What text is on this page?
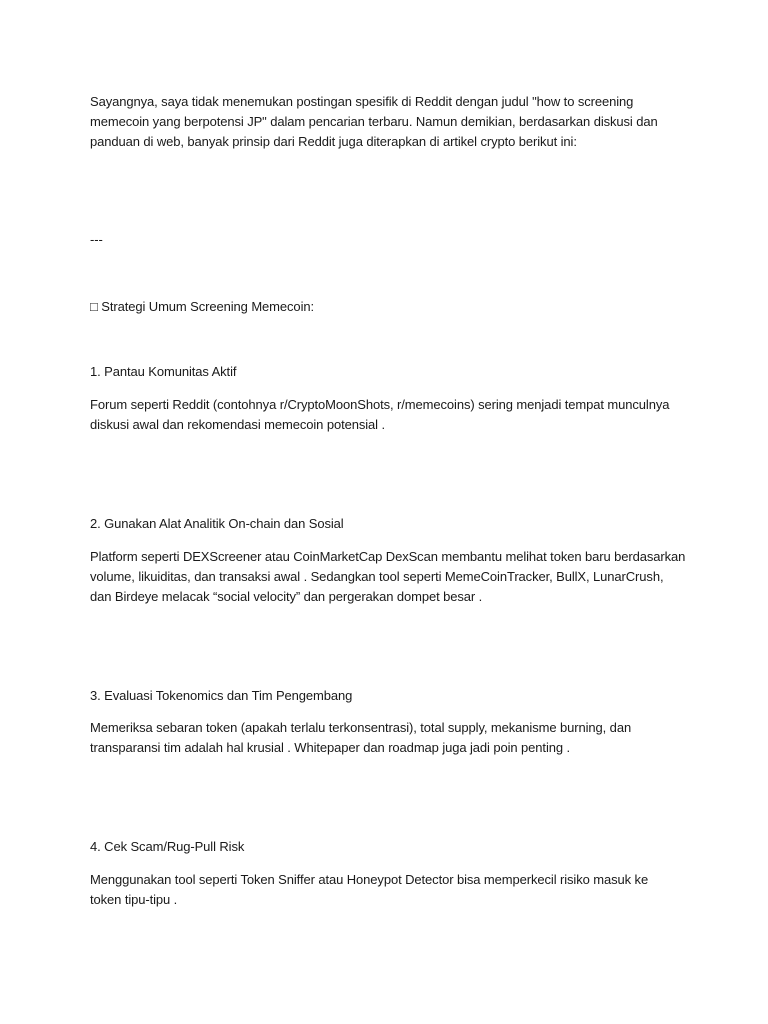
Sayangnya, saya tidak menemukan postingan spesifik di Reddit dengan judul "how to screening
memecoin yang berpotensi JP" dalam pencarian terbaru. Namun demikian, berdasarkan diskusi dan
panduan di web, banyak prinsip dari Reddit juga diterapkan di artikel crypto berikut ini:

---

□ Strategi Umum Screening Memecoin:

1. Pantau Komunitas Aktif

Forum seperti Reddit (contohnya r/CryptoMoonShots, r/memecoins) sering menjadi tempat munculnya
diskusi awal dan rekomendasi memecoin potensial .

2. Gunakan Alat Analitik On-chain dan Sosial

Platform seperti DEXScreener atau CoinMarketCap DexScan membantu melihat token baru berdasarkan
volume, likuiditas, dan transaksi awal . Sedangkan tool seperti MemeCoinTracker, BullX, LunarCrush,
dan Birdeye melacak “social velocity” dan pergerakan dompet besar .

3. Evaluasi Tokenomics dan Tim Pengembang

Memeriksa sebaran token (apakah terlalu terkonsentrasi), total supply, mekanisme burning, dan
transparansi tim adalah hal krusial . Whitepaper dan roadmap juga jadi poin penting .

4. Cek Scam/Rug-Pull Risk

Menggunakan tool seperti Token Sniffer atau Honeypot Detector bisa memperkecil risiko masuk ke
token tipu-tipu .
